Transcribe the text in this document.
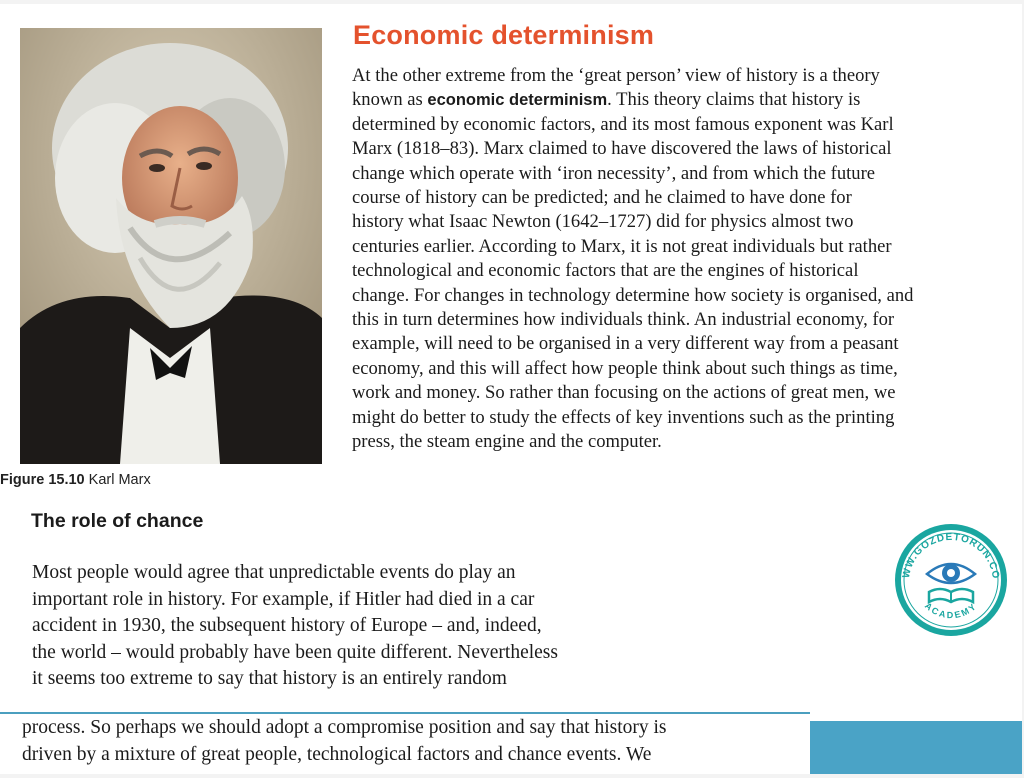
Figure 15.10 Karl Marx
Economic determinism
At the other extreme from the ‘great person’ view of history is a theory
known as economic determinism. This theory claims that history is
determined by economic factors, and its most famous exponent was Karl
Marx (1818–83). Marx claimed to have discovered the laws of historical
change which operate with ‘iron necessity’, and from which the future
course of history can be predicted; and he claimed to have done for
history what Isaac Newton (1642–1727) did for physics almost two
centuries earlier. According to Marx, it is not great individuals but rather
technological and economic factors that are the engines of historical
change. For changes in technology determine how society is organised, and
this in turn determines how individuals think. An industrial economy, for
example, will need to be organised in a very different way from a peasant
economy, and this will affect how people think about such things as time,
work and money. So rather than focusing on the actions of great men, we
might do better to study the effects of key inventions such as the printing
press, the steam engine and the computer.
The role of chance
Most people would agree that unpredictable events do play an
important role in history. For example, if Hitler had died in a car
accident in 1930, the subsequent history of Europe – and, indeed,
the world – would probably have been quite different. Nevertheless
it seems too extreme to say that history is an entirely random
process. So perhaps we should adopt a compromise position and say that history is
driven by a mixture of great people, technological factors and chance events. We
WW.GOZDETORUN.CO
ACADEMY
